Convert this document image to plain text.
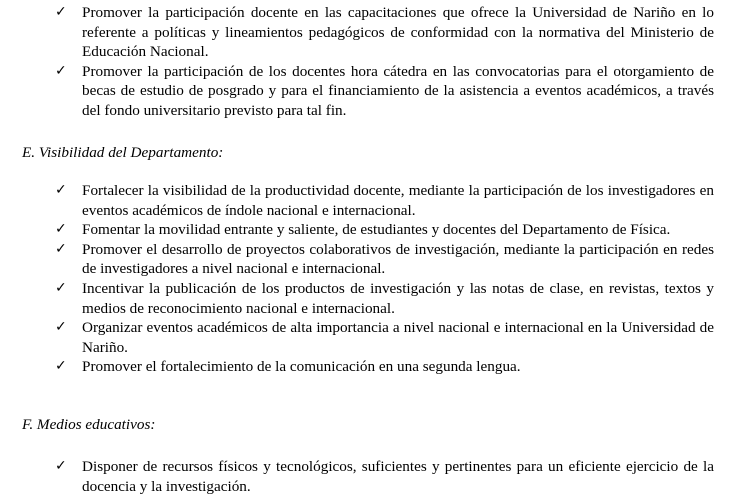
✓ Promover la participación docente en las capacitaciones que ofrece la Universidad de Nariño en lo referente a políticas y lineamientos pedagógicos de conformidad con la normativa del Ministerio de Educación Nacional.
✓ Promover la participación de los docentes hora cátedra en las convocatorias para el otorgamiento de becas de estudio de posgrado y para el financiamiento de la asistencia a eventos académicos, a través del fondo universitario previsto para tal fin.
E. Visibilidad del Departamento:
✓ Fortalecer la visibilidad de la productividad docente, mediante la participación de los investigadores en eventos académicos de índole nacional e internacional.
✓ Fomentar la movilidad entrante y saliente, de estudiantes y docentes del Departamento de Física.
✓ Promover el desarrollo de proyectos colaborativos de investigación, mediante la participación en redes de investigadores a nivel nacional e internacional.
✓ Incentivar la publicación de los productos de investigación y las notas de clase, en revistas, textos y medios de reconocimiento nacional e internacional.
✓ Organizar eventos académicos de alta importancia a nivel nacional e internacional en la Universidad de Nariño.
✓ Promover el fortalecimiento de la comunicación en una segunda lengua.
F. Medios educativos:
✓ Disponer de recursos físicos y tecnológicos, suficientes y pertinentes para un eficiente ejercicio de la docencia y la investigación.
